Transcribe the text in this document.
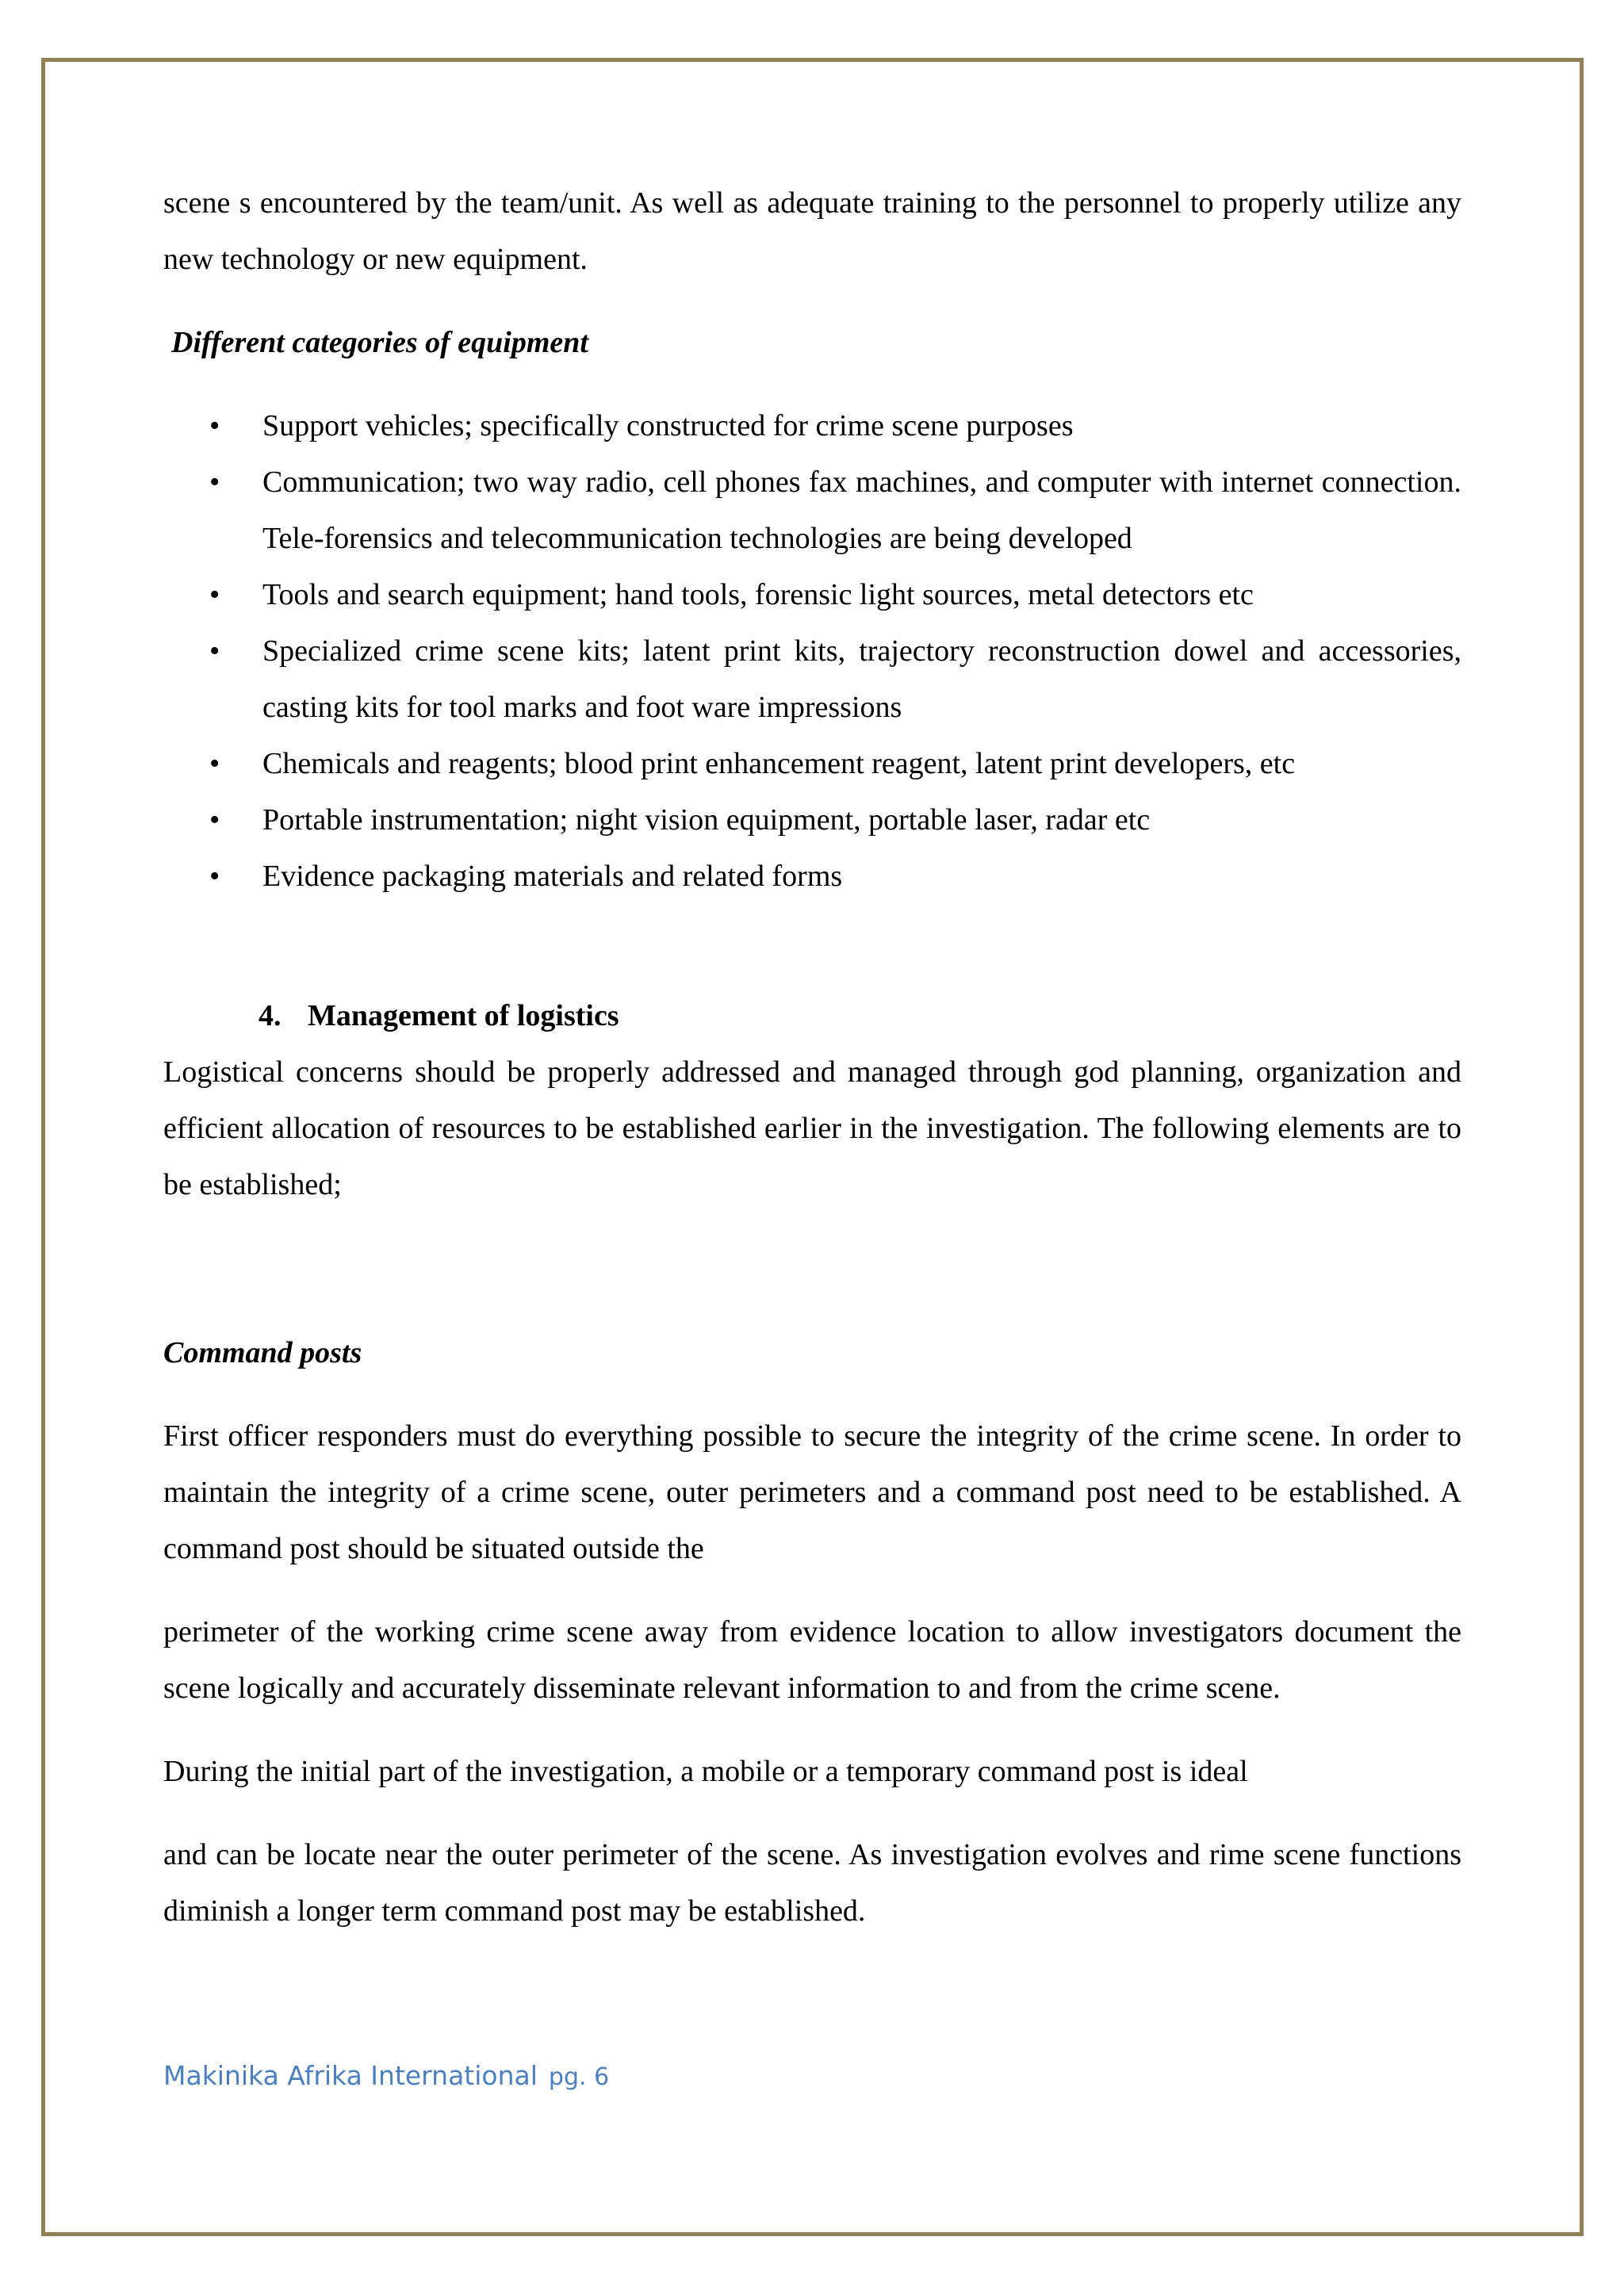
scene s encountered by the team/unit. As well as adequate training to the personnel to properly utilize any new technology or new equipment.

Different categories of equipment

• Support vehicles; specifically constructed for crime scene purposes
• Communication; two way radio, cell phones fax machines, and computer with internet connection. Tele-forensics and telecommunication technologies are being developed
• Tools and search equipment; hand tools, forensic light sources, metal detectors etc
• Specialized crime scene kits; latent print kits, trajectory reconstruction dowel and accessories, casting kits for tool marks and foot ware impressions
• Chemicals and reagents; blood print enhancement reagent, latent print developers, etc
• Portable instrumentation; night vision equipment, portable laser, radar etc
• Evidence packaging materials and related forms

4. Management of logistics

Logistical concerns should be properly addressed and managed through god planning, organization and efficient allocation of resources to be established earlier in the investigation. The following elements are to be established;

Command posts

First officer responders must do everything possible to secure the integrity of the crime scene. In order to maintain the integrity of a crime scene, outer perimeters and a command post need to be established. A command post should be situated outside the

perimeter of the working crime scene away from evidence location to allow investigators document the scene logically and accurately disseminate relevant information to and from the crime scene.

During the initial part of the investigation, a mobile or a temporary command post is ideal

and can be locate near the outer perimeter of the scene. As investigation evolves and rime scene functions diminish a longer term command post may be established.

Makinika Afrika International pg. 6
